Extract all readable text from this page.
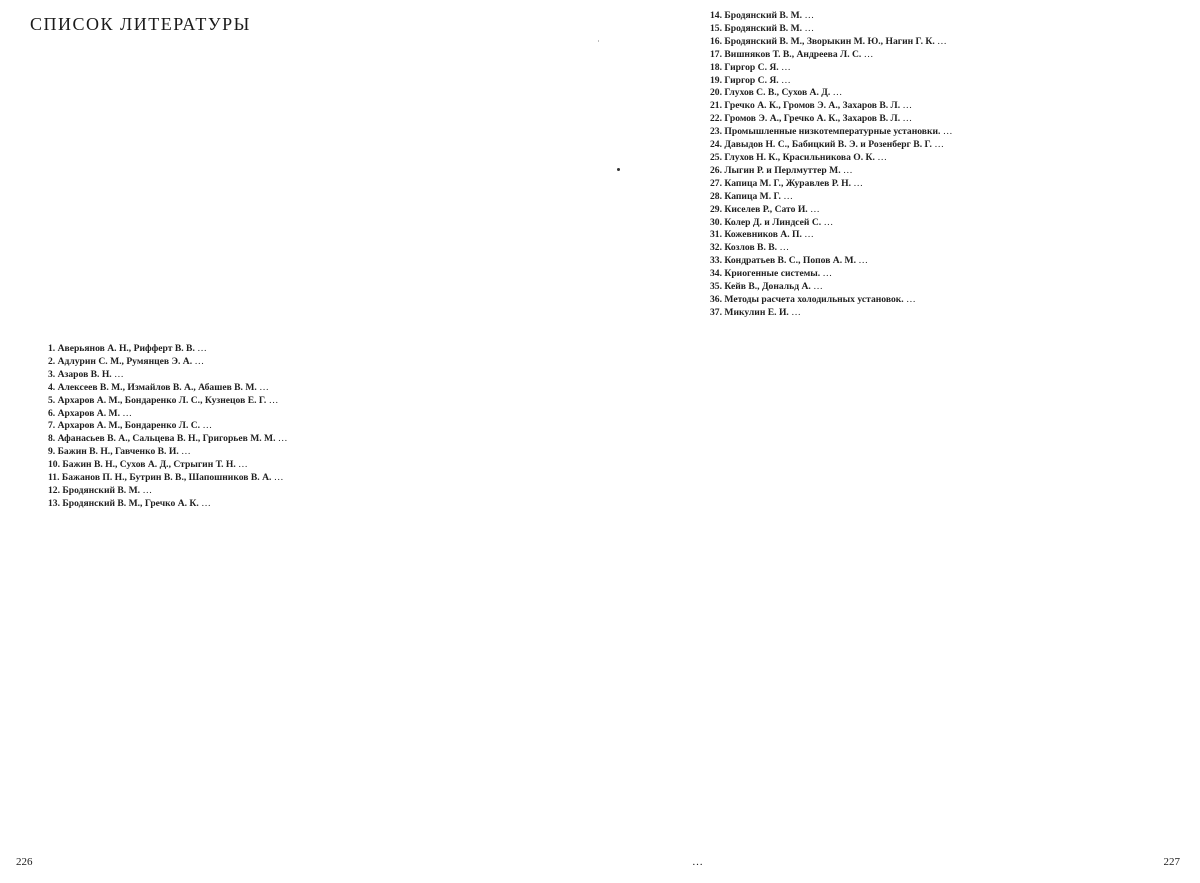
СПИСОК ЛИТЕРАТУРЫ

1. Аверьянов А. Н., Рифферт В. В. …

2. Адлурин С. М., Румянцев Э. А. …

3. Азаров В. Н. …

4. Алексеев В. М., Измайлов В. А., Абашев В. М. …

5. Архаров А. М., Бондаренко Л. С., Кузнецов Е. Г. …

6. Архаров А. М. …

7. Архаров А. М., Бондаренко Л. С. …

8. Афанасьев В. А., Сальцева В. Н., Григорьев М. М. …

9. Бажин В. Н., Гавченко В. И. …

10. Бажин В. Н., Сухов А. Д., Стрыгин Т. Н. …

11. Бажанов П. Н., Бутрин В. В., Шапошников В. А. …

12. Бродянский В. М. …

13. Бродянский В. М., Гречко А. К. …

226

14. Бродянский В. М. …

15. Бродянский В. М. …

16. Бродянский В. М., Зворыкин М. Ю., Нагин Г. К. …

17. Вишняков Т. В., Андреева Л. С. …

18. Гиргор С. Я. …

19. Гиргор С. Я. …

20. Глухов С. В., Сухов А. Д. …

21. Гречко А. К., Громов Э. А., Захаров В. Л. …

22. Громов Э. А., Гречко А. К., Захаров В. Л. …

23. Промышленные низкотемпературные установки. …

24. Давыдов Н. С., Бабицкий В. Э. и Розенберг В. Г. …

25. Глухов Н. К., Красильникова О. К. …

26. Лыгин Р. и Перлмуттер М. …

27. Капица М. Г., Журавлев Р. Н. …

28. Капица М. Г. …

29. Киселев Р., Сато И. …

30. Колер Д. и Линдсей С. …

31. Кожевников А. П. …

32. Козлов В. В. …

33. Кондратьев В. С., Попов А. М. …

34. Криогенные системы. …

35. Кейв В., Дональд А. …

36. Методы расчета холодильных установок. …

37. Микулин Е. И. …

…	227
